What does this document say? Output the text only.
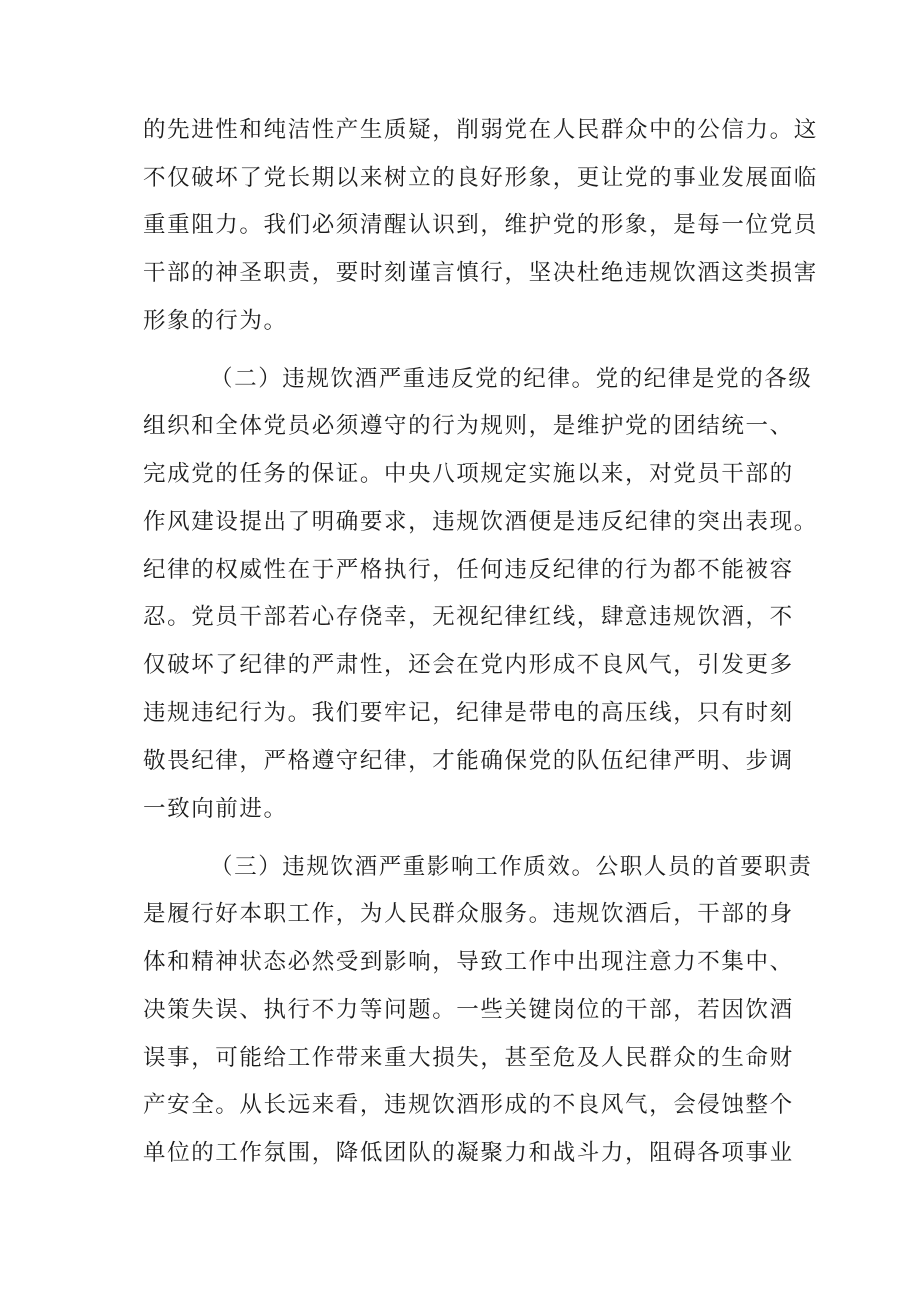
的先进性和纯洁性产生质疑，削弱党在人民群众中的公信力。这
不仅破坏了党长期以来树立的良好形象，更让党的事业发展面临
重重阻力。我们必须清醒认识到，维护党的形象，是每一位党员
干部的神圣职责，要时刻谨言慎行，坚决杜绝违规饮酒这类损害
形象的行为。
（二）违规饮酒严重违反党的纪律。党的纪律是党的各级
组织和全体党员必须遵守的行为规则，是维护党的团结统一、
完成党的任务的保证。中央八项规定实施以来，对党员干部的
作风建设提出了明确要求，违规饮酒便是违反纪律的突出表现。
纪律的权威性在于严格执行，任何违反纪律的行为都不能被容
忍。党员干部若心存侥幸，无视纪律红线，肆意违规饮酒，不
仅破坏了纪律的严肃性，还会在党内形成不良风气，引发更多
违规违纪行为。我们要牢记，纪律是带电的高压线，只有时刻
敬畏纪律，严格遵守纪律，才能确保党的队伍纪律严明、步调
一致向前进。
（三）违规饮酒严重影响工作质效。公职人员的首要职责
是履行好本职工作，为人民群众服务。违规饮酒后，干部的身
体和精神状态必然受到影响，导致工作中出现注意力不集中、
决策失误、执行不力等问题。一些关键岗位的干部，若因饮酒
误事，可能给工作带来重大损失，甚至危及人民群众的生命财
产安全。从长远来看，违规饮酒形成的不良风气，会侵蚀整个
单位的工作氛围，降低团队的凝聚力和战斗力，阻碍各项事业
